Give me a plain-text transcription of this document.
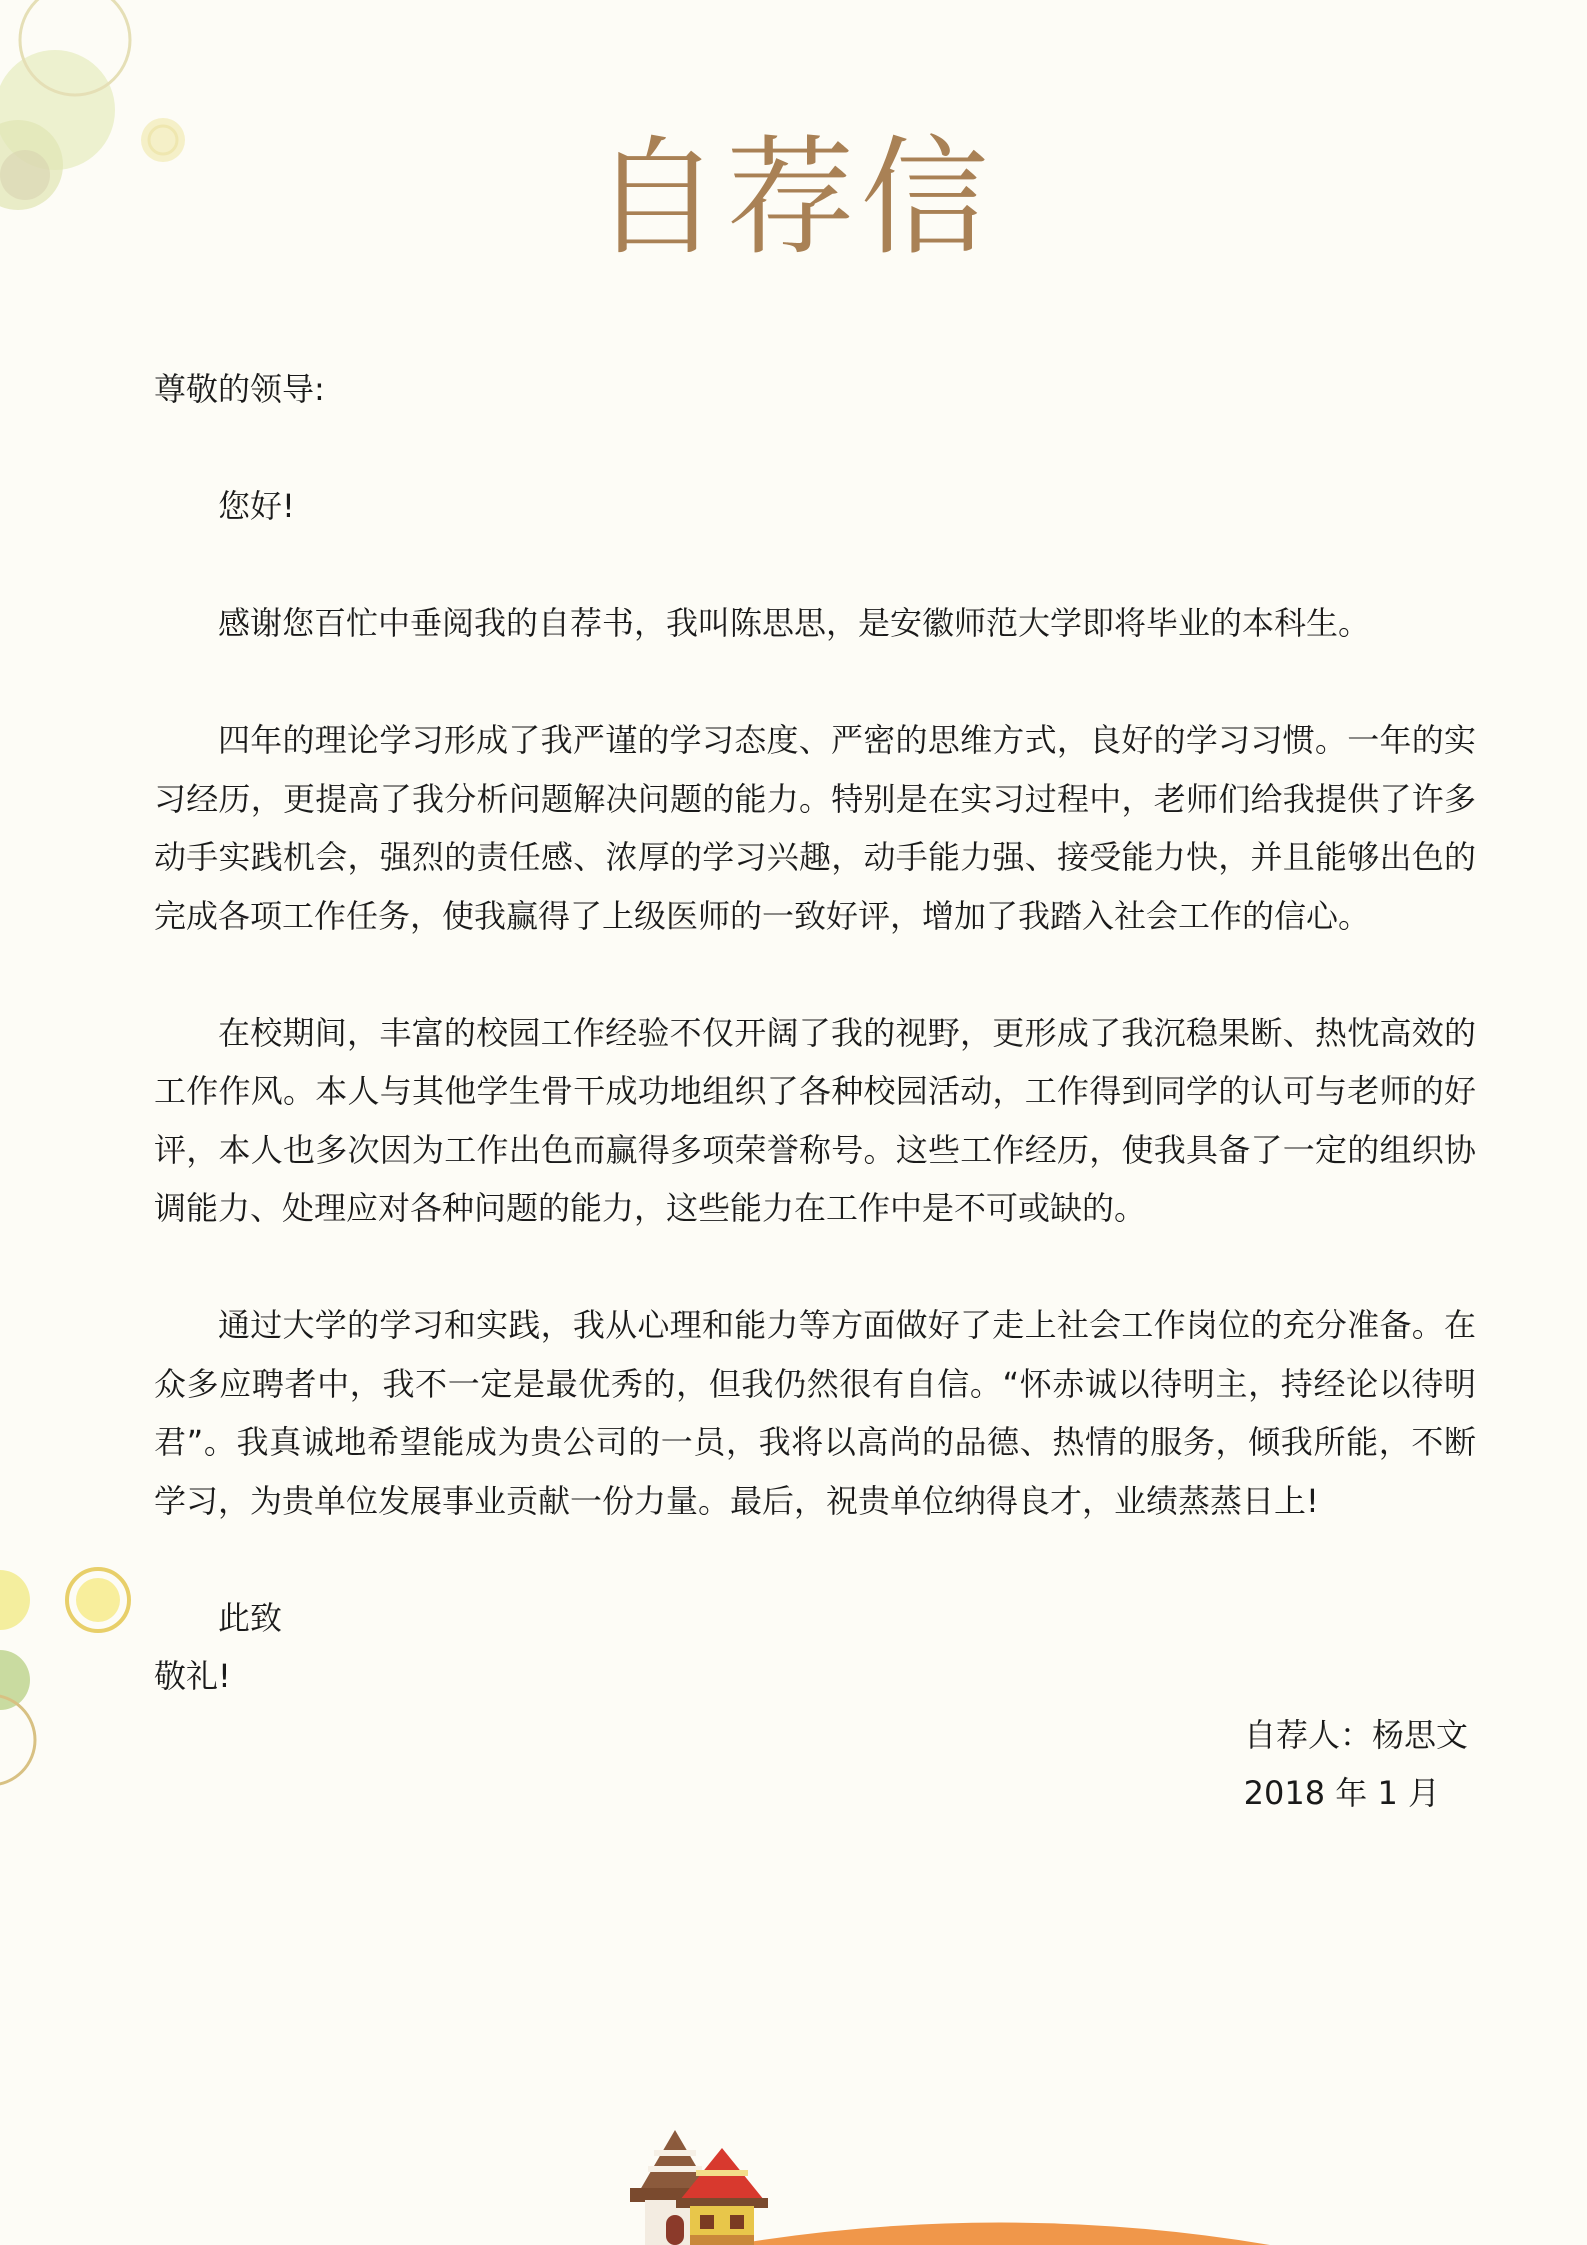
自荐信

尊敬的领导:

您好!

感谢您百忙中垂阅我的自荐书，我叫陈思思，是安徽师范大学即将毕业的本科生。

四年的理论学习形成了我严谨的学习态度、严密的思维方式，良好的学习习惯。一年的实习经历，更提高了我分析问题解决问题的能力。特别是在实习过程中，老师们给我提供了许多动手实践机会，强烈的责任感、浓厚的学习兴趣，动手能力强、接受能力快，并且能够出色的完成各项工作任务，使我赢得了上级医师的一致好评，增加了我踏入社会工作的信心。

在校期间，丰富的校园工作经验不仅开阔了我的视野，更形成了我沉稳果断、热忱高效的工作作风。本人与其他学生骨干成功地组织了各种校园活动，工作得到同学的认可与老师的好评，本人也多次因为工作出色而赢得多项荣誉称号。这些工作经历，使我具备了一定的组织协调能力、处理应对各种问题的能力，这些能力在工作中是不可或缺的。

通过大学的学习和实践，我从心理和能力等方面做好了走上社会工作岗位的充分准备。在众多应聘者中，我不一定是最优秀的，但我仍然很有自信。“怀赤诚以待明主，持经论以待明君”。我真诚地希望能成为贵公司的一员，我将以高尚的品德、热情的服务，倾我所能，不断学习，为贵单位发展事业贡献一份力量。最后，祝贵单位纳得良才，业绩蒸蒸日上!

此致

敬礼!

自荐人：杨思文
2018 年 1 月
